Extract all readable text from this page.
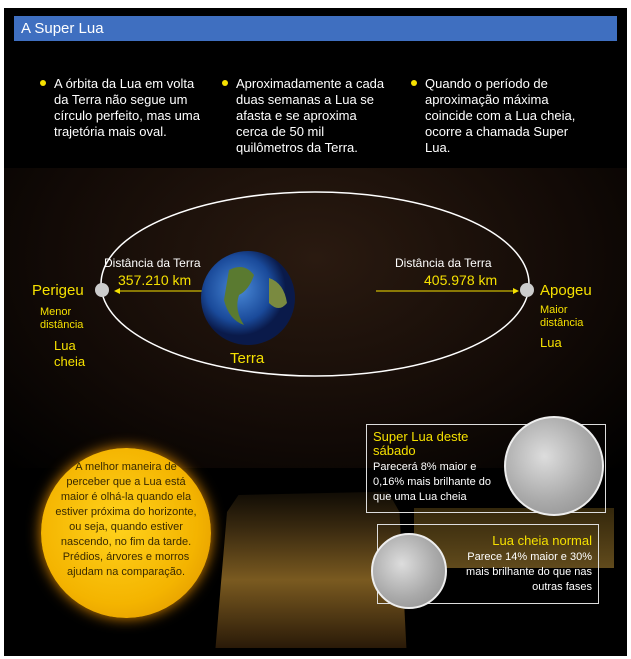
A Super Lua
A órbita da Lua em volta da Terra não segue um círculo perfeito, mas uma trajetória mais oval.
Aproximadamente a cada duas semanas a Lua se afasta e se aproxima cerca de 50 mil quilômetros da Terra.
Quando o período de aproximação máxima coincide com a Lua cheia, ocorre a chamada Super Lua.
Distância da Terra
357.210 km
Distância da Terra
405.978 km
Perigeu
Menor distância
Lua cheia
Apogeu
Maior distância
Lua
Terra

A melhor maneira de perceber que a Lua está maior é olhá-la quando ela estiver próxima do horizonte, ou seja, quando estiver nascendo, no fim da tarde. Prédios, árvores e morros ajudam na comparação.

Super Lua deste sábado
Parecerá 8% maior e 0,16% mais brilhante do que uma Lua cheia
Lua cheia normal
Parece 14% maior e 30% mais brilhante do que nas outras fases
